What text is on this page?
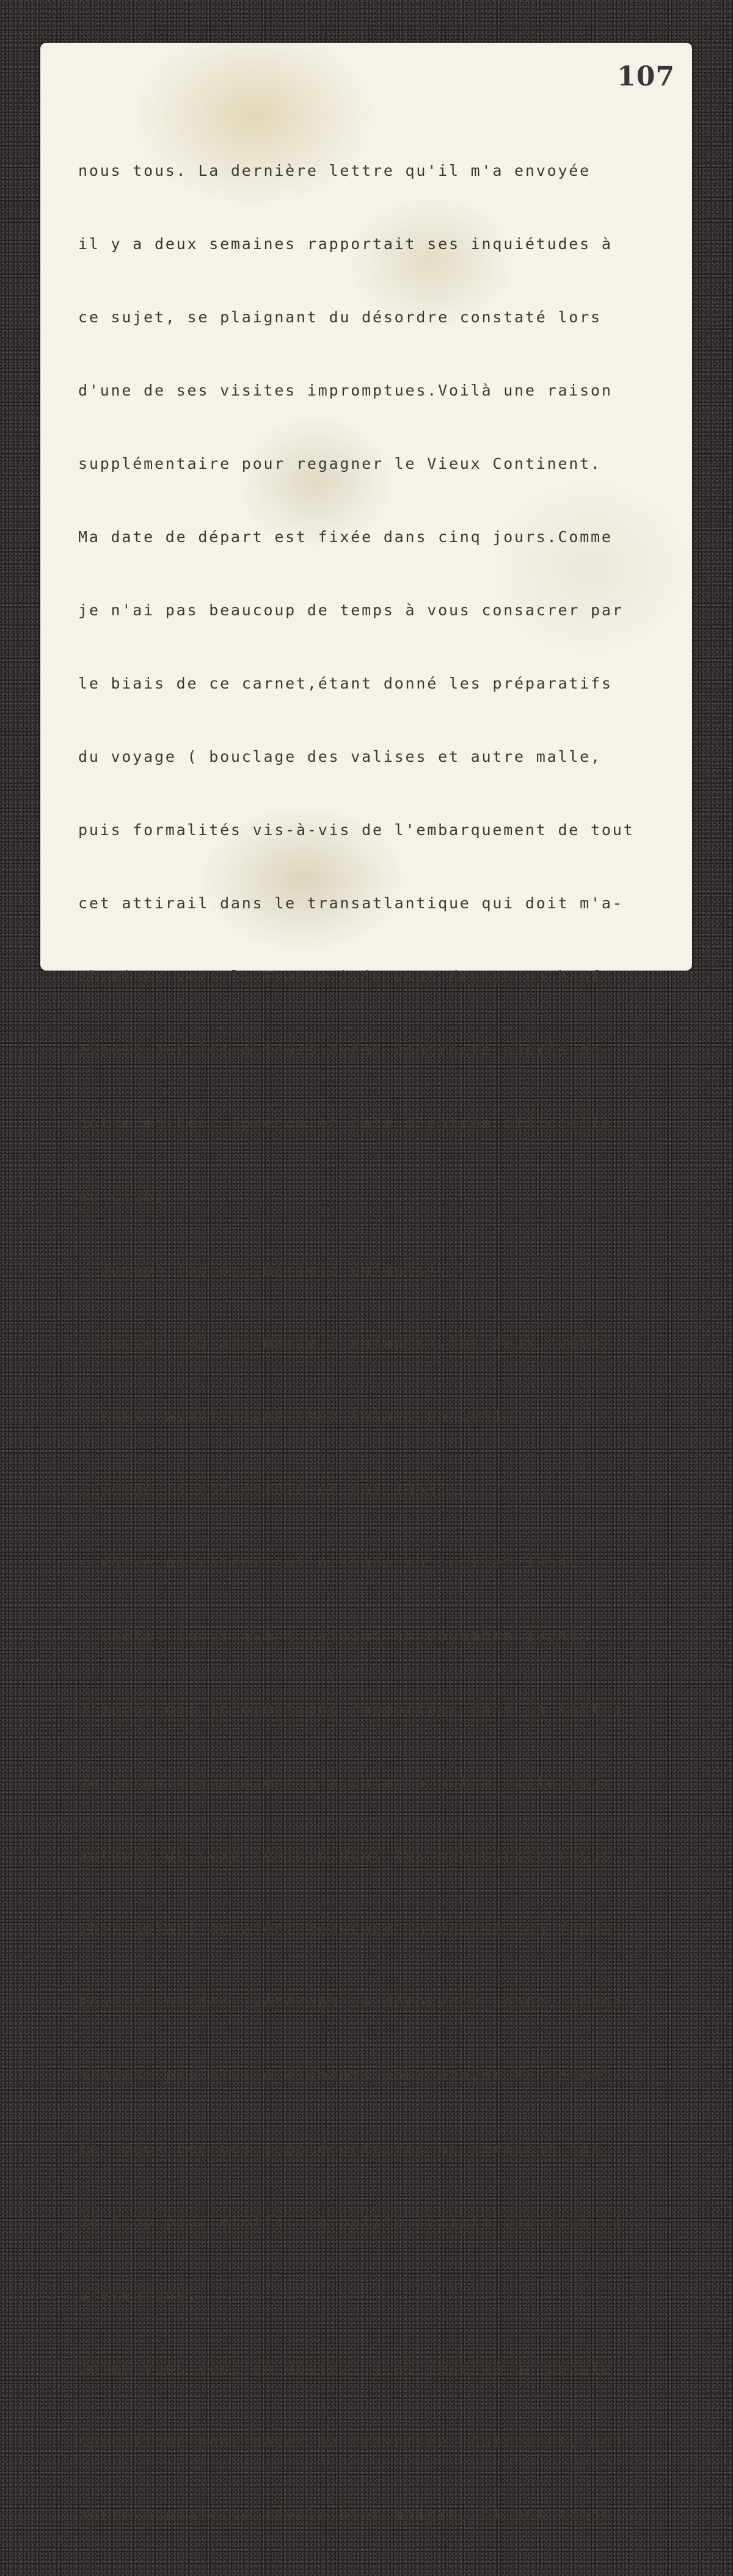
107

nous tous. La dernière lettre qu'il m'a envoyée

il y a deux semaines rapportait ses inquiétudes à

ce sujet, se plaignant du désordre constaté lors

d'une de ses visites impromptues.Voilà une raison

supplémentaire pour regagner le Vieux Continent.

Ma date de départ est fixée dans cinq jours.Comme

je n'ai pas beaucoup de temps à vous consacrer par

le biais de ce carnet,étant donné les préparatifs

du voyage ( bouclage des valises et autre malle,

puis formalités vis-à-vis de l'embarquement de tout

cet attirail dans le transatlantique qui doit m'a-

cheminer vers la France ),je vous dresse un bref

exposé sur les auteurs ayant contracté auprès de

notre éditeur (prénom et date d'entrée officielle

au club) :

- Joseph (50 ans,marié,2 enfants).

- Lucien (45 ans,marié,3 enfants).les deux "vété-

rans" ayant signé chez Solari en 1951.

- Serge (s'est enrolé en mai 1953).

- Votre narrateur qui a signé en juillet 1954.

- Gaëtan (nous ayant rejoint en novembre 1954).

D'après des informations rapportées dans la lettre

de Serge,viendraient s'ajouter à notre liste deux

auteurs de sexe féminin,dont les manuscrits reçus

chez Solari auraient beaucoup intéressé son fonda-

teur et un des "vétérans".A découvrir, donc, Serge

n'ayant pas plus d'éléments pour étayer sa nouvel-

le. Deux recrues supplémentaires ne seraient pas

de trop pour étoffer la petite société que nous re-

présentons.

Comme vous vous en doutez, j'ai réservé un pécule

spécifique pour payer ma traversée. Autrement, mon

porte-monnaie se révèle bien maigre, il est temps
